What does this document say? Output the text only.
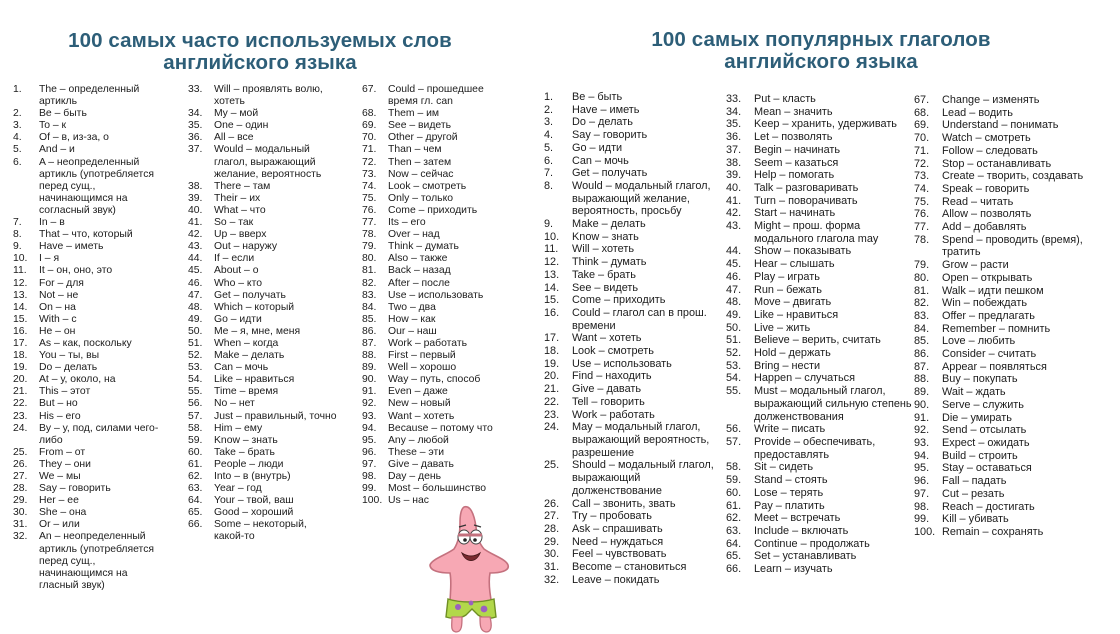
100 самых часто используемых слов
английского языка
1. The – определенный артикль
2. Be – быть
3. To – к
4. Of – в, из-за, о
5. And – и
6. A – неопределенный артикль (употребляется перед сущ., начинающимся на согласный звук)
7. In – в
8. That – что, который
9. Have – иметь
10. I – я
11. It – он, оно, это
12. For – для
13. Not – не
14. On – на
15. With – с
16. He – он
17. As – как, поскольку
18. You – ты, вы
19. Do – делать
20. At – у, около, на
21. This – этот
22. But – но
23. His – его
24. By – у, под, силами чего-либо
25. From – от
26. They – они
27. We – мы
28. Say – говорить
29. Her – ее
30. She – она
31. Or – или
32. An – неопределенный артикль (употребляется перед сущ., начинающимся на гласный звук)
33. Will – проявлять волю, хотеть
34. My – мой
35. One – один
36. All – все
37. Would – модальный глагол, выражающий желание, вероятность
38. There – там
39. Their – их
40. What – что
41. So – так
42. Up – вверх
43. Out – наружу
44. If – если
45. About – о
46. Who – кто
47. Get – получать
48. Which – который
49. Go – идти
50. Me – я, мне, меня
51. When – когда
52. Make – делать
53. Can – мочь
54. Like – нравиться
55. Time – время
56. No – нет
57. Just – правильный, точно
58. Him – ему
59. Know – знать
60. Take – брать
61. People – люди
62. Into – в (внутрь)
63. Year – год
64. Your – твой, ваш
65. Good – хороший
66. Some – некоторый, какой-то
67. Could – прошедшее время гл. can
68. Them – им
69. See – видеть
70. Other – другой
71. Than – чем
72. Then – затем
73. Now – сейчас
74. Look – смотреть
75. Only – только
76. Come – приходить
77. Its – его
78. Over – над
79. Think – думать
80. Also – также
81. Back – назад
82. After – после
83. Use – использовать
84. Two – два
85. How – как
86. Our – наш
87. Work – работать
88. First – первый
89. Well – хорошо
90. Way – путь, способ
91. Even – даже
92. New – новый
93. Want – хотеть
94. Because – потому что
95. Any – любой
96. These – эти
97. Give – давать
98. Day – день
99. Most – большинство
100. Us – нас
100 самых популярных глаголов
английского языка
1. Be – быть
2. Have – иметь
3. Do – делать
4. Say – говорить
5. Go – идти
6. Can – мочь
7. Get – получать
8. Would – модальный глагол, выражающий желание, вероятность, просьбу
9. Make – делать
10. Know – знать
11. Will – хотеть
12. Think – думать
13. Take – брать
14. See – видеть
15. Come – приходить
16. Could – глагол can в прош. времени
17. Want – хотеть
18. Look – смотреть
19. Use – использовать
20. Find – находить
21. Give – давать
22. Tell – говорить
23. Work – работать
24. May – модальный глагол, выражающий вероятность, разрешение
25. Should – модальный глагол, выражающий долженствование
26. Call – звонить, звать
27. Try – пробовать
28. Ask – спрашивать
29. Need – нуждаться
30. Feel – чувствовать
31. Become – становиться
32. Leave – покидать
33. Put – класть
34. Mean – значить
35. Keep – хранить, удерживать
36. Let – позволять
37. Begin – начинать
38. Seem – казаться
39. Help – помогать
40. Talk – разговаривать
41. Turn – поворачивать
42. Start – начинать
43. Might – прош. форма модального глагола may
44. Show – показывать
45. Hear – слышать
46. Play – играть
47. Run – бежать
48. Move – двигать
49. Like – нравиться
50. Live – жить
51. Believe – верить, считать
52. Hold – держать
53. Bring – нести
54. Happen – случаться
55. Must – модальный глагол, выражающий сильную степень долженствования
56. Write – писать
57. Provide – обеспечивать, предоставлять
58. Sit – сидеть
59. Stand – стоять
60. Lose – терять
61. Pay – платить
62. Meet – встречать
63. Include – включать
64. Continue – продолжать
65. Set – устанавливать
66. Learn – изучать
67. Change – изменять
68. Lead – водить
69. Understand – понимать
70. Watch – смотреть
71. Follow – следовать
72. Stop – останавливать
73. Create – творить, создавать
74. Speak – говорить
75. Read – читать
76. Allow – позволять
77. Add – добавлять
78. Spend – проводить (время), тратить
79. Grow – расти
80. Open – открывать
81. Walk – идти пешком
82. Win – побеждать
83. Offer – предлагать
84. Remember – помнить
85. Love – любить
86. Consider – считать
87. Appear – появляться
88. Buy – покупать
89. Wait – ждать
90. Serve – служить
91. Die – умирать
92. Send – отсылать
93. Expect – ожидать
94. Build – строить
95. Stay – оставаться
96. Fall – падать
97. Cut – резать
98. Reach – достигать
99. Kill – убивать
100. Remain – сохранять
